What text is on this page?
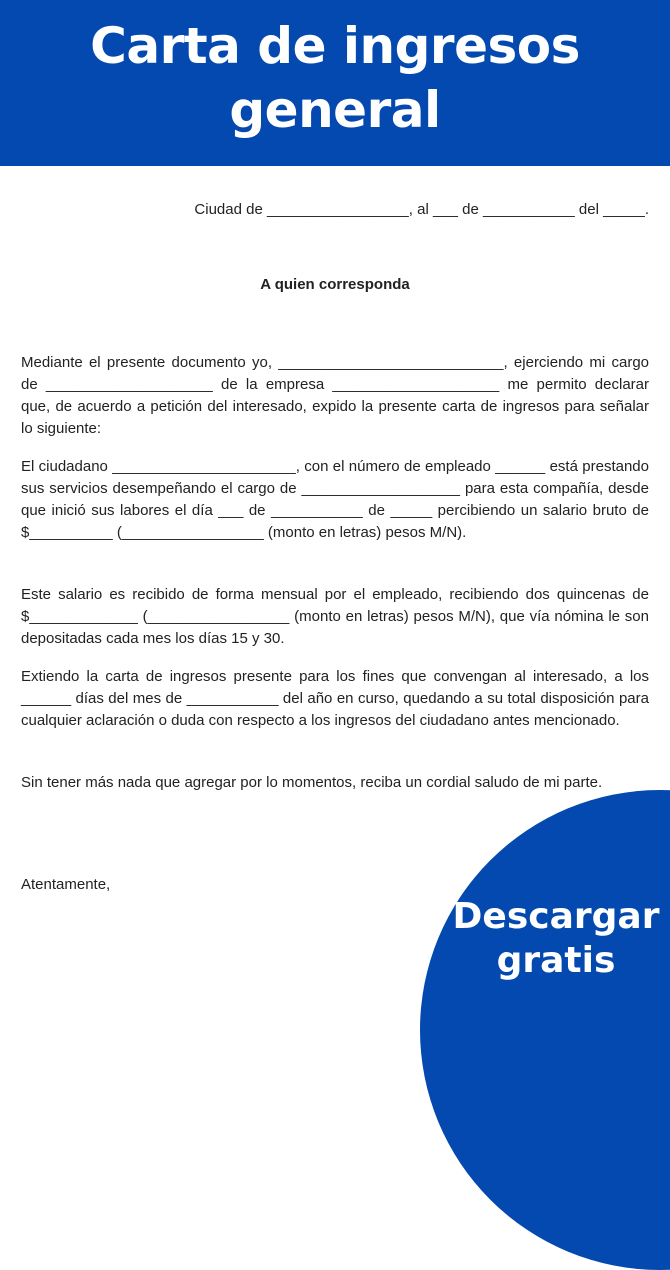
Carta de ingresos general
Ciudad de _________________, al ___ de ___________ del _____.
A quien corresponda

Mediante el presente documento yo, ___________________________, ejerciendo mi cargo de ____________________ de la empresa ____________________ me permito declarar que, de acuerdo a petición del interesado, expido la presente carta de ingresos para señalar lo siguiente:

El ciudadano ______________________, con el número de empleado ______ está prestando sus servicios desempeñando el cargo de ___________________ para esta compañía, desde que inició sus labores el día ___ de ___________ de _____ percibiendo un salario bruto de $__________ (_________________ (monto en letras) pesos M/N).

Este salario es recibido de forma mensual por el empleado, recibiendo dos quincenas de $_____________ (_________________ (monto en letras) pesos M/N), que vía nómina le son depositadas cada mes los días 15 y 30.

Extiendo la carta de ingresos presente para los fines que convengan al interesado, a los ______ días del mes de ___________ del año en curso, quedando a su total disposición para cualquier aclaración o duda con respecto a los ingresos del ciudadano antes mencionado.

Sin tener más nada que agregar por lo momentos, reciba un cordial saludo de mi parte.

Atentamente,
Descargar gratis
